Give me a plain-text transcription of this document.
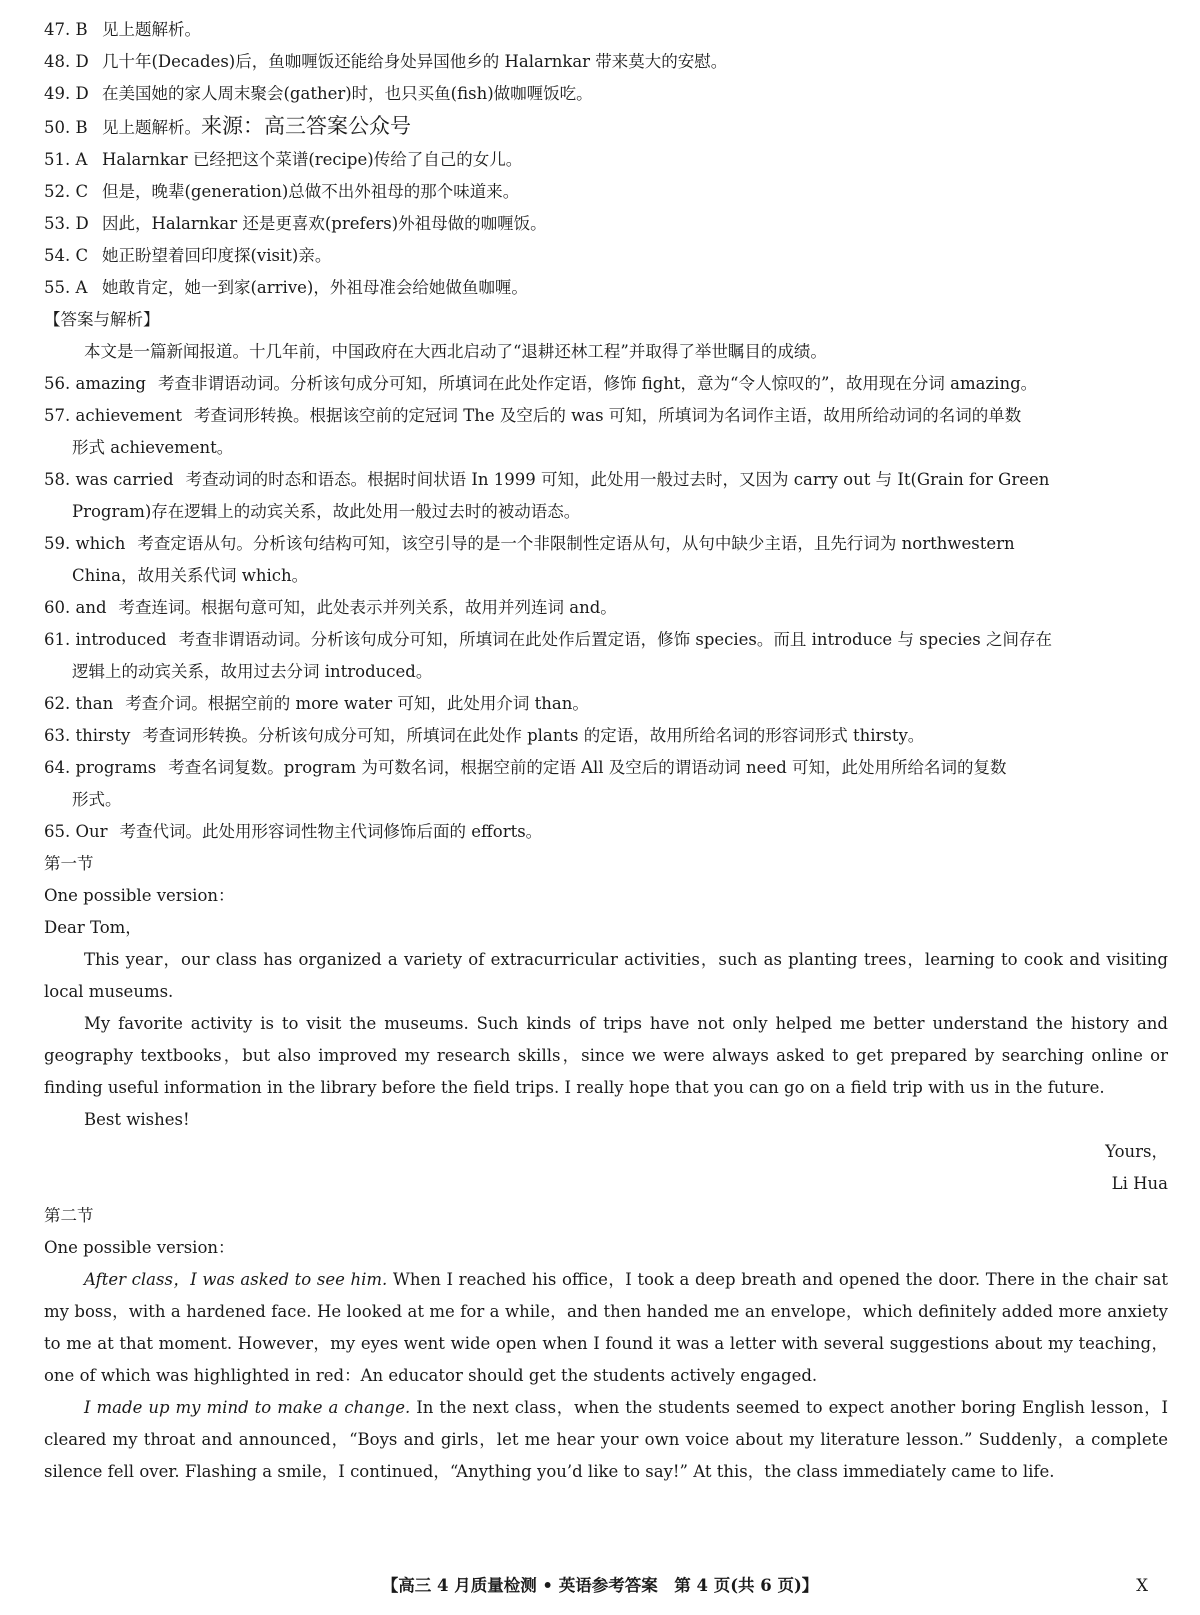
47. B 见上题解析。
48. D 几十年(Decades)后，鱼咖喱饭还能给身处异国他乡的 Halarnkar 带来莫大的安慰。
49. D 在美国她的家人周末聚会(gather)时，也只买鱼(fish)做咖喱饭吃。
50. B 见上题解析。来源：高三答案公众号
51. A Halarnkar 已经把这个菜谱(recipe)传给了自己的女儿。
52. C 但是，晚辈(generation)总做不出外祖母的那个味道来。
53. D 因此，Halarnkar 还是更喜欢(prefers)外祖母做的咖喱饭。
54. C 她正盼望着回印度探(visit)亲。
55. A 她敢肯定，她一到家(arrive)，外祖母准会给她做鱼咖喱。
【答案与解析】
本文是一篇新闻报道。十几年前，中国政府在大西北启动了“退耕还林工程”并取得了举世瞩目的成绩。
56. amazing 考查非谓语动词。分析该句成分可知，所填词在此处作定语，修饰 fight，意为“令人惊叹的”，故用现在分词 amazing。
57. achievement 考查词形转换。根据该空前的定冠词 The 及空后的 was 可知，所填词为名词作主语，故用所给动词的名词的单数
形式 achievement。
58. was carried 考查动词的时态和语态。根据时间状语 In 1999 可知，此处用一般过去时，又因为 carry out 与 It(Grain for Green
Program)存在逻辑上的动宾关系，故此处用一般过去时的被动语态。
59. which 考查定语从句。分析该句结构可知，该空引导的是一个非限制性定语从句，从句中缺少主语，且先行词为 northwestern
China，故用关系代词 which。
60. and 考查连词。根据句意可知，此处表示并列关系，故用并列连词 and。
61. introduced 考查非谓语动词。分析该句成分可知，所填词在此处作后置定语，修饰 species。而且 introduce 与 species 之间存在
逻辑上的动宾关系，故用过去分词 introduced。
62. than 考查介词。根据空前的 more water 可知，此处用介词 than。
63. thirsty 考查词形转换。分析该句成分可知，所填词在此处作 plants 的定语，故用所给名词的形容词形式 thirsty。
64. programs 考查名词复数。program 为可数名词，根据空前的定语 All 及空后的谓语动词 need 可知，此处用所给名词的复数
形式。
65. Our 考查代词。此处用形容词性物主代词修饰后面的 efforts。
第一节
One possible version：
Dear Tom，
This year，our class has organized a variety of extracurricular activities，such as planting trees，learning to cook and visiting local museums.
My favorite activity is to visit the museums. Such kinds of trips have not only helped me better understand the history and geography textbooks，but also improved my research skills，since we were always asked to get prepared by searching online or finding useful information in the library before the field trips. I really hope that you can go on a field trip with us in the future.
Best wishes!
Yours，
Li Hua
第二节
One possible version：
After class，I was asked to see him. When I reached his office，I took a deep breath and opened the door. There in the chair sat my boss，with a hardened face. He looked at me for a while，and then handed me an envelope，which definitely added more anxiety to me at that moment. However，my eyes went wide open when I found it was a letter with several suggestions about my teaching，one of which was highlighted in red：An educator should get the students actively engaged.
I made up my mind to make a change. In the next class，when the students seemed to expect another boring English lesson，I cleared my throat and announced，“Boys and girls，let me hear your own voice about my literature lesson.” Suddenly，a complete silence fell over. Flashing a smile，I continued，“Anything you’d like to say!” At this，the class immediately came to life.
【高三 4 月质量检测 • 英语参考答案　第 4 页(共 6 页)】	X
